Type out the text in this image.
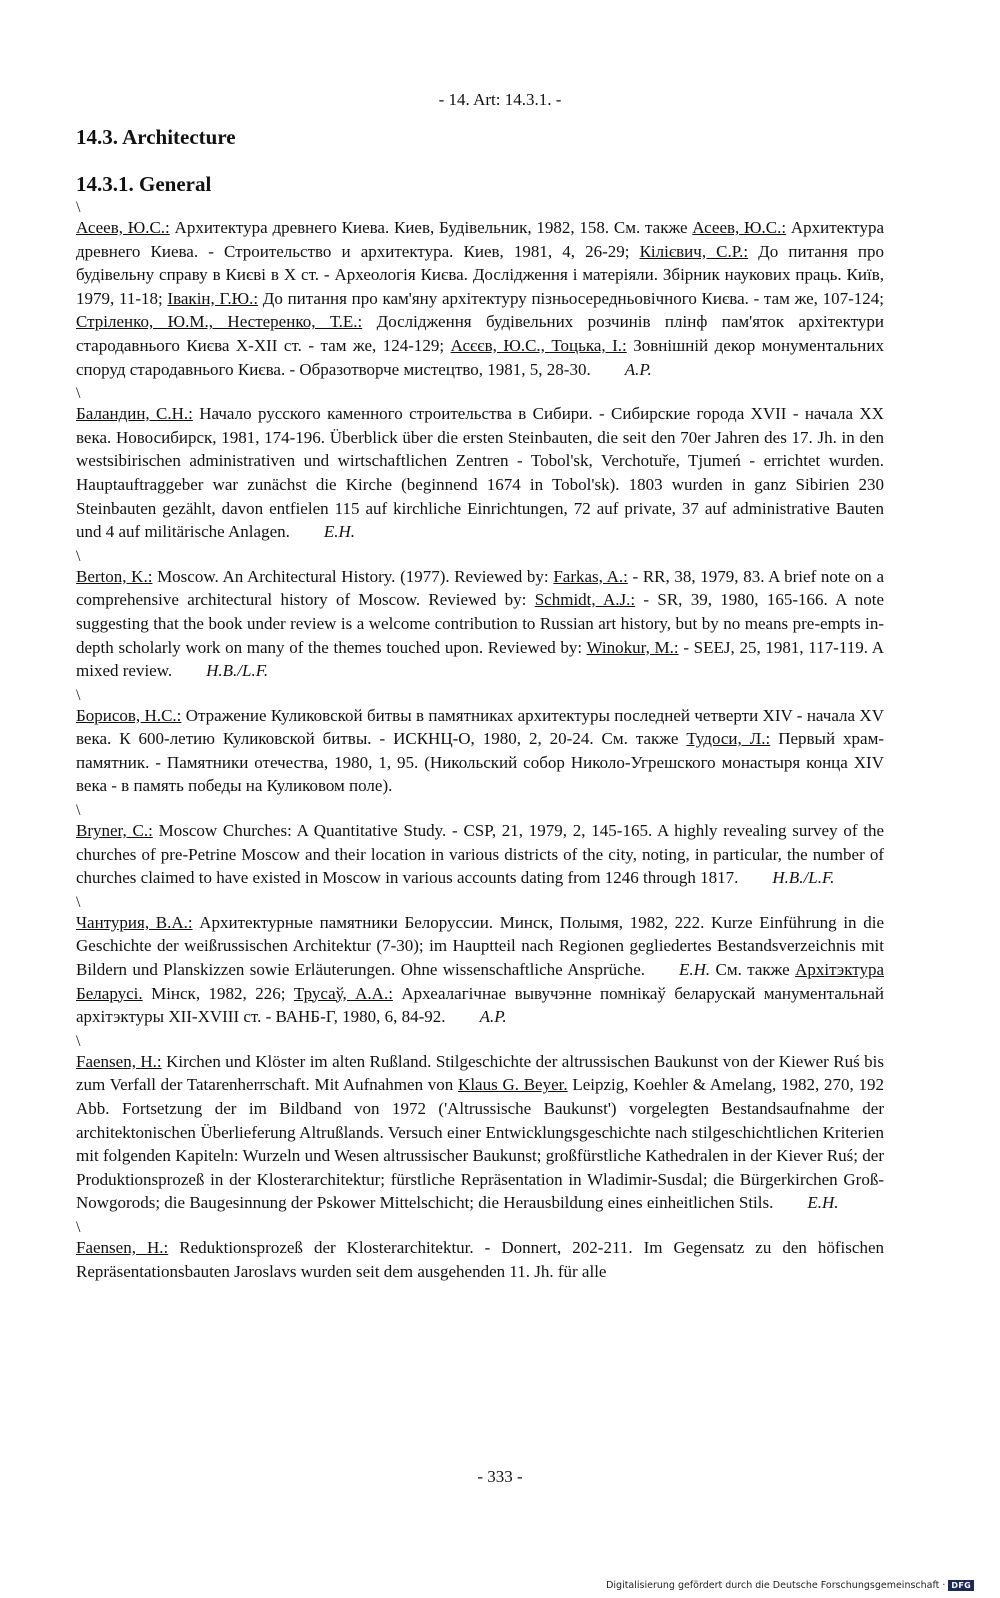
- 14. Art: 14.3.1. -
14.3. Architecture
14.3.1. General
\

Асеев, Ю.С.: Архитектура древнего Киева. Киев, Будівельник, 1982, 158. См. также Асеев, Ю.С.: Архитектура древнего Киева. - Строительство и архитектура. Киев, 1981, 4, 26-29; Кілієвич, С.Р.: До питання про будівельну справу в Києві в X ст. - Археологія Києва. Дослідження і матеріяли. Збірник наукових праць. Київ, 1979, 11-18; Івакін, Г.Ю.: До питання про кам'яну архітектуру пізньосередньовічного Києва. - там же, 107-124; Стріленко, Ю.М., Нестеренко, Т.Е.: Дослідження будівельних розчинів плінф пам'яток архітектури стародавнього Києва X-XII ст. - там же, 124-129; Асєєв, Ю.С., Тоцька, І.: Зовнішній декор монументальних споруд стародавнього Києва. - Образотворче мистецтво, 1981, 5, 28-30. A.P.

\

Баландин, С.Н.: Начало русского каменного строительства в Сибири. - Сибирские города XVII - начала XX века. Новосибирск, 1981, 174-196. Überblick über die ersten Steinbauten, die seit den 70er Jahren des 17. Jh. in den westsibirischen administrativen und wirtschaftlichen Zentren - Tobol'sk, Verchotuře, Tjumeń - errichtet wurden. Hauptauftraggeber war zunächst die Kirche (beginnend 1674 in Tobol'sk). 1803 wurden in ganz Sibirien 230 Steinbauten gezählt, davon entfielen 115 auf kirchliche Einrichtungen, 72 auf private, 37 auf administrative Bauten und 4 auf militärische Anlagen. E.H.

\

Berton, K.: Moscow. An Architectural History. (1977). Reviewed by: Farkas, A.: - RR, 38, 1979, 83. A brief note on a comprehensive architectural history of Moscow. Reviewed by: Schmidt, A.J.: - SR, 39, 1980, 165-166. A note suggesting that the book under review is a welcome contribution to Russian art history, but by no means pre-empts in-depth scholarly work on many of the themes touched upon. Reviewed by: Winokur, M.: - SEEJ, 25, 1981, 117-119. A mixed review. H.B./L.F.

\

Борисов, Н.С.: Отражение Куликовской битвы в памятниках архитектуры последней четверти XIV - начала XV века. К 600-летию Куликовской битвы. - ИСКНЦ-О, 1980, 2, 20-24. См. также Тудоси, Л.: Первый храм-памятник. - Памятники отечества, 1980, 1, 95. (Никольский собор Николо-Угрешского монастыря конца XIV века - в память победы на Куликовом поле).

\

Bryner, C.: Moscow Churches: A Quantitative Study. - CSP, 21, 1979, 2, 145-165. A highly revealing survey of the churches of pre-Petrine Moscow and their location in various districts of the city, noting, in particular, the number of churches claimed to have existed in Moscow in various accounts dating from 1246 through 1817. H.B./L.F.

\

Чантурия, В.А.: Архитектурные памятники Белоруссии. Минск, Полымя, 1982, 222. Kurze Einführung in die Geschichte der weißrussischen Architektur (7-30); im Hauptteil nach Regionen gegliedertes Bestandsverzeichnis mit Bildern und Planskizzen sowie Erläuterungen. Ohne wissenschaftliche Ansprüche. E.H. См. также Архітэктура Беларусі. Мінск, 1982, 226; Трусаў, А.А.: Археалагічнае вывучэнне помнікаў беларускай манументальнай архітэктуры XII-XVIII ст. - ВАНБ-Г, 1980, 6, 84-92. A.P.

\

Faensen, H.: Kirchen und Klöster im alten Rußland. Stilgeschichte der altrussischen Baukunst von der Kiewer Ruś bis zum Verfall der Tatarenherrschaft. Mit Aufnahmen von Klaus G. Beyer. Leipzig, Koehler & Amelang, 1982, 270, 192 Abb. Fortsetzung der im Bildband von 1972 ('Altrussische Baukunst') vorgelegten Bestandsaufnahme der architektonischen Überlieferung Altrußlands. Versuch einer Entwicklungsgeschichte nach stilgeschichtlichen Kriterien mit folgenden Kapiteln: Wurzeln und Wesen altrussischer Baukunst; großfürstliche Kathedralen in der Kiever Ruś; der Produktionsprozeß in der Klosterarchitektur; fürstliche Repräsentation in Wladimir-Susdal; die Bürgerkirchen Groß-Nowgorods; die Baugesinnung der Pskower Mittelschicht; die Herausbildung eines einheitlichen Stils. E.H.

\

Faensen, H.: Reduktionsprozeß der Klosterarchitektur. - Donnert, 202-211. Im Gegensatz zu den höfischen Repräsentationsbauten Jaroslavs wurden seit dem ausgehenden 11. Jh. für alle

- 333 -
Digitalisierung gefördert durch die Deutsche Forschungsgemeinschaft · DFG
